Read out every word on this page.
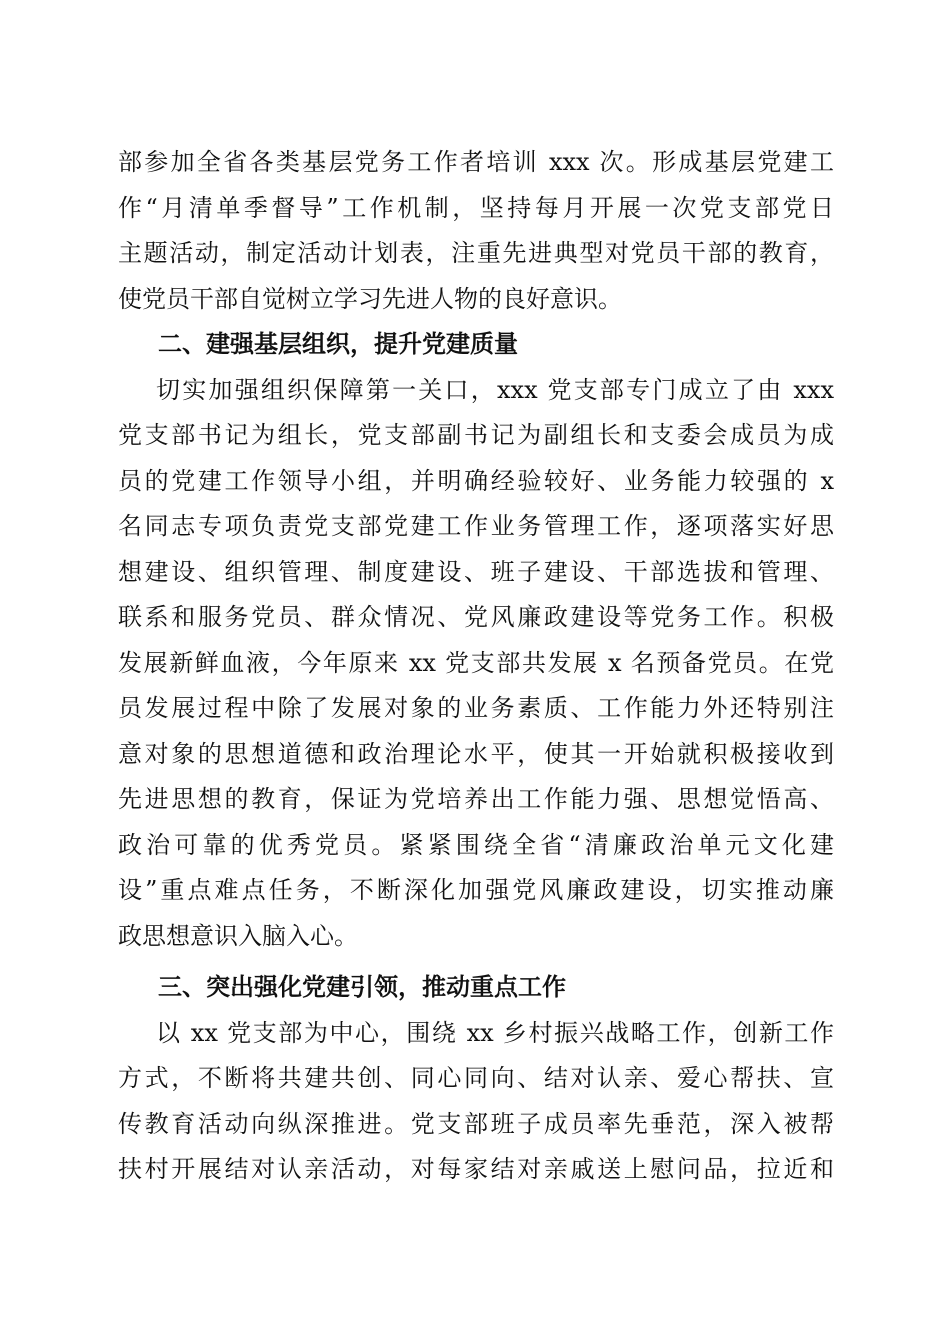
部参加全省各类基层党务工作者培训 xxx 次。形成基层党建工
作“月清单季督导”工作机制，坚持每月开展一次党支部党日
主题活动，制定活动计划表，注重先进典型对党员干部的教育，
使党员干部自觉树立学习先进人物的良好意识。
二、建强基层组织，提升党建质量
切实加强组织保障第一关口，xxx 党支部专门成立了由 xxx
党支部书记为组长，党支部副书记为副组长和支委会成员为成
员的党建工作领导小组，并明确经验较好、业务能力较强的 x
名同志专项负责党支部党建工作业务管理工作，逐项落实好思
想建设、组织管理、制度建设、班子建设、干部选拔和管理、
联系和服务党员、群众情况、党风廉政建设等党务工作。积极
发展新鲜血液，今年原来 xx 党支部共发展 x 名预备党员。在党
员发展过程中除了发展对象的业务素质、工作能力外还特别注
意对象的思想道德和政治理论水平，使其一开始就积极接收到
先进思想的教育，保证为党培养出工作能力强、思想觉悟高、
政治可靠的优秀党员。紧紧围绕全省“清廉政治单元文化建
设”重点难点任务，不断深化加强党风廉政建设，切实推动廉
政思想意识入脑入心。
三、突出强化党建引领，推动重点工作
以 xx 党支部为中心，围绕 xx 乡村振兴战略工作，创新工作
方式，不断将共建共创、同心同向、结对认亲、爱心帮扶、宣
传教育活动向纵深推进。党支部班子成员率先垂范，深入被帮
扶村开展结对认亲活动，对每家结对亲戚送上慰问品，拉近和
